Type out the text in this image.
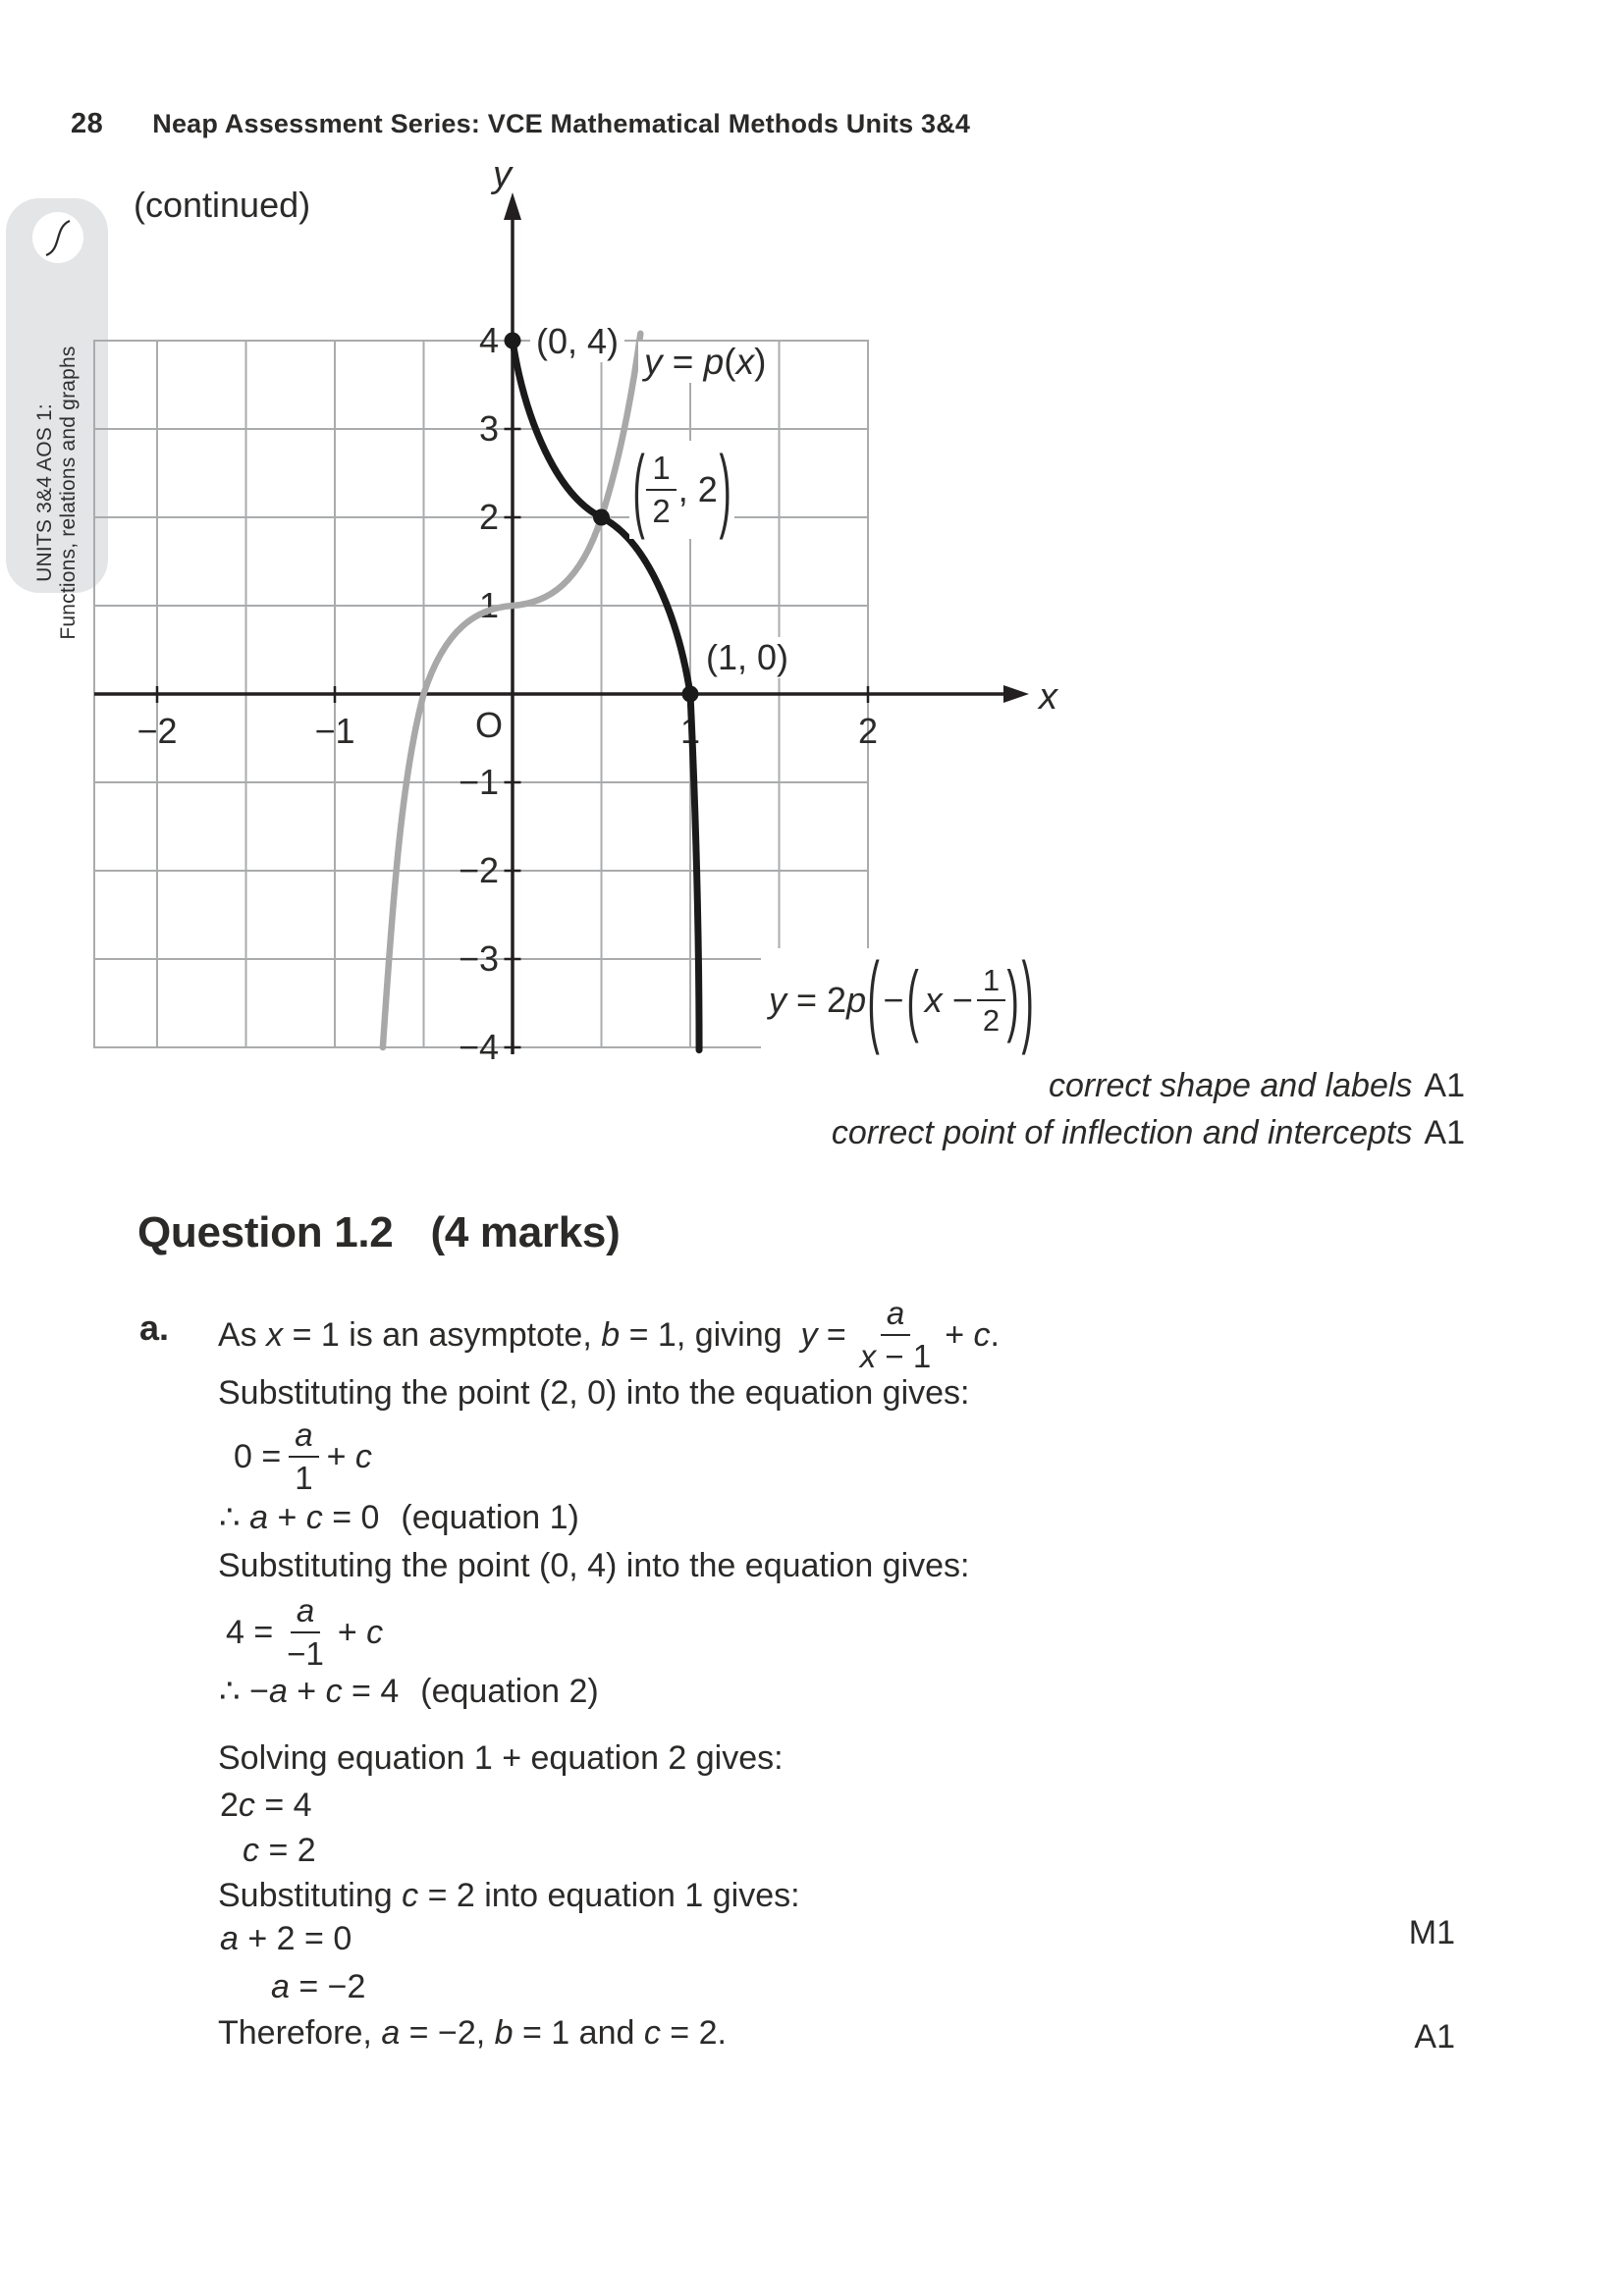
28 Neap Assessment Series: VCE Mathematical Methods Units 3&4
UNITS 3&4 AOS 1: Functions, relations and graphs
(continued)
−2	−1	1	2
4
3
2
1
−1
−2
−3
−4
x
y
O
(0, 4)
y = p(x)
( $\frac{1}{2}$ , 2 )
(1, 0)
y = 2p ( − ( $x - \frac{1}{2}$ ) )
correct shape and labels A1
correct point of inflection and intercepts A1
Question 1.2 (4 marks)
a. As x = 1 is an asymptote, b = 1, giving  $y = \frac{a}{x - 1} + c$.
Substituting the point (2, 0) into the equation gives:
$0 = \frac{a}{1} + c$
∴ a + c = 0 (equation 1)
Substituting the point (0, 4) into the equation gives:
$4 = \frac{a}{-1} + c$
∴ −a + c = 4 (equation 2)
Solving equation 1 + equation 2 gives:
2c = 4
c = 2
Substituting c = 2 into equation 1 gives:
a + 2 = 0	M1
a = −2
Therefore, a = −2, b = 1 and c = 2.	A1
